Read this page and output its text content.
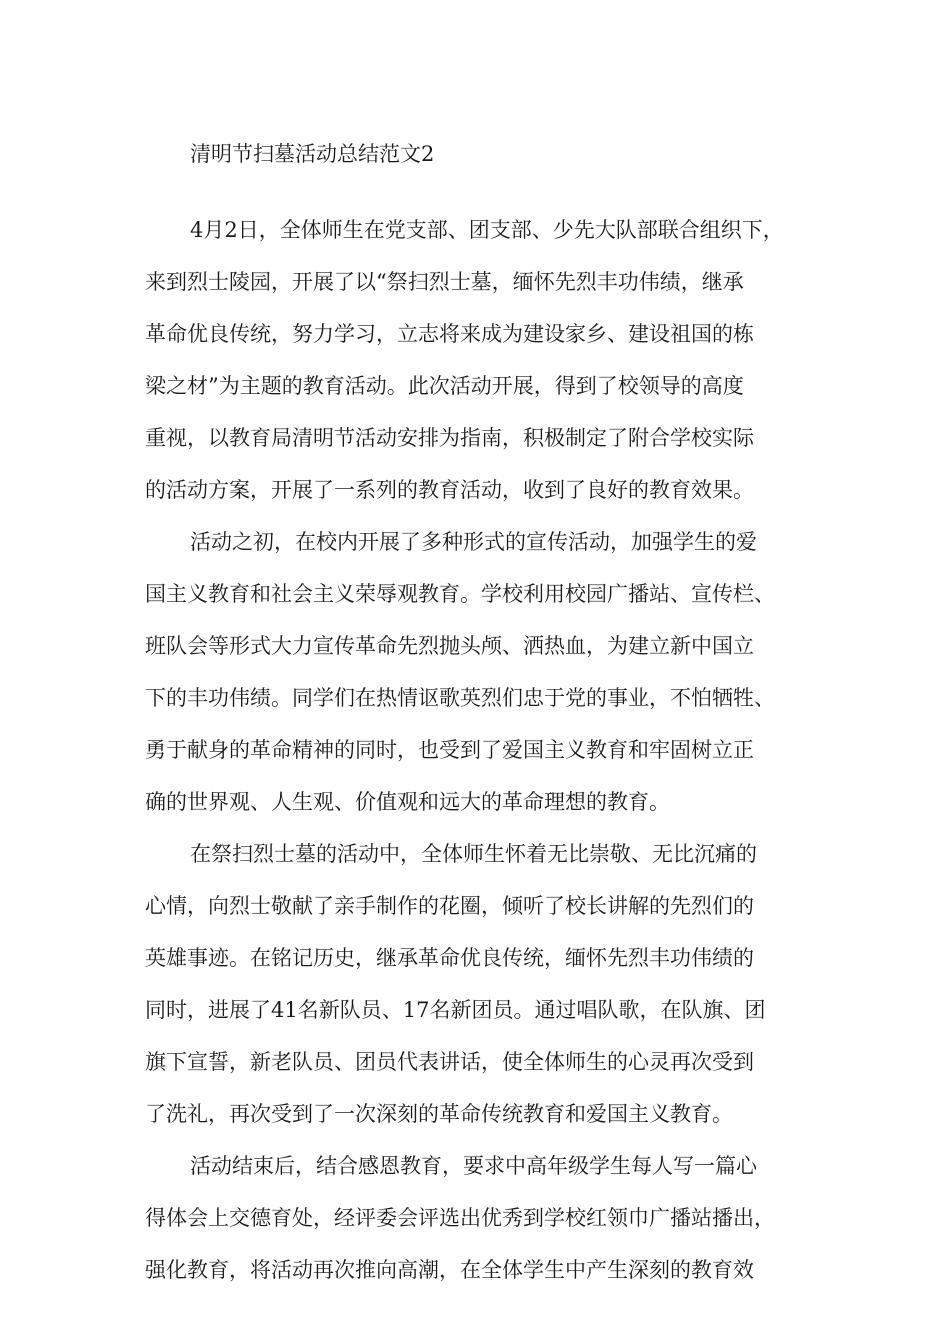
清明节扫墓活动总结范文2
4月2日，全体师生在党支部、团支部、少先大队部联合组织下，
来到烈士陵园，开展了以“祭扫烈士墓，缅怀先烈丰功伟绩，继承
革命优良传统，努力学习，立志将来成为建设家乡、建设祖国的栋
梁之材”为主题的教育活动。此次活动开展，得到了校领导的高度
重视，以教育局清明节活动安排为指南，积极制定了附合学校实际
的活动方案，开展了一系列的教育活动，收到了良好的教育效果。
活动之初，在校内开展了多种形式的宣传活动，加强学生的爱
国主义教育和社会主义荣辱观教育。学校利用校园广播站、宣传栏、
班队会等形式大力宣传革命先烈抛头颅、洒热血，为建立新中国立
下的丰功伟绩。同学们在热情讴歌英烈们忠于党的事业，不怕牺牲、
勇于献身的革命精神的同时，也受到了爱国主义教育和牢固树立正
确的世界观、人生观、价值观和远大的革命理想的教育。
在祭扫烈士墓的活动中，全体师生怀着无比崇敬、无比沉痛的
心情，向烈士敬献了亲手制作的花圈，倾听了校长讲解的先烈们的
英雄事迹。在铭记历史，继承革命优良传统，缅怀先烈丰功伟绩的
同时，进展了41名新队员、17名新团员。通过唱队歌，在队旗、团
旗下宣誓，新老队员、团员代表讲话，使全体师生的心灵再次受到
了洗礼，再次受到了一次深刻的革命传统教育和爱国主义教育。
活动结束后，结合感恩教育，要求中高年级学生每人写一篇心
得体会上交德育处，经评委会评选出优秀到学校红领巾广播站播出，
强化教育，将活动再次推向高潮，在全体学生中产生深刻的教育效
